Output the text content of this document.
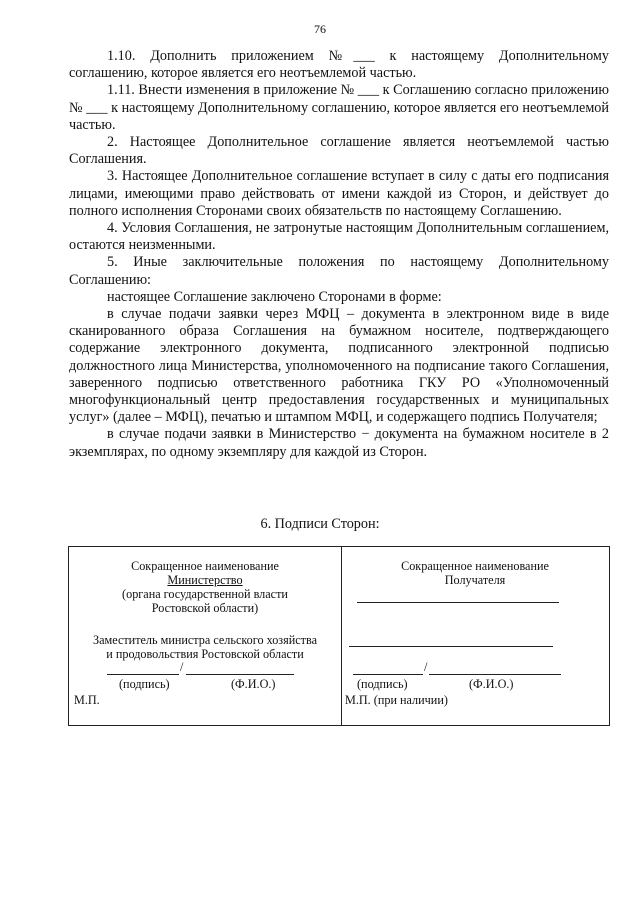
76

1.10. Дополнить приложением №___ к настоящему Дополнительному соглашению, которое является его неотъемлемой частью.

1.11. Внести изменения в приложение № ___ к Соглашению согласно приложению № ___ к настоящему Дополнительному соглашению, которое является его неотъемлемой частью.

2. Настоящее Дополнительное соглашение является неотъемлемой частью Соглашения.

3. Настоящее Дополнительное соглашение вступает в силу с даты его подписания лицами, имеющими право действовать от имени каждой из Сторон, и действует до полного исполнения Сторонами своих обязательств по настоящему Соглашению.

4. Условия Соглашения, не затронутые настоящим Дополнительным соглашением, остаются неизменными.

5. Иные заключительные положения по настоящему Дополнительному Соглашению:

настоящее Соглашение заключено Сторонами в форме:

в случае подачи заявки через МФЦ – документа в электронном виде в виде сканированного образа Соглашения на бумажном носителе, подтверждающего содержание электронного документа, подписанного электронной подписью должностного лица Министерства, уполномоченного на подписание такого Соглашения, заверенного подписью ответственного работника ГКУ РО «Уполномоченный многофункциональный центр предоставления государственных и муниципальных услуг» (далее – МФЦ), печатью и штампом МФЦ, и содержащего подпись Получателя;

в случае подачи заявки в Министерство − документа на бумажном носителе в 2 экземплярах, по одному экземпляру для каждой из Сторон.

6. Подписи Сторон:
Сокращенное наименование
Министерство
(органа государственной власти
Ростовской области)
Заместитель министра сельского хозяйства
и продовольствия Ростовской области
/
(подпись)	(Ф.И.О.)
М.П.
Сокращенное наименование
Получателя
/
(подпись)	(Ф.И.О.)
М.П. (при наличии)
